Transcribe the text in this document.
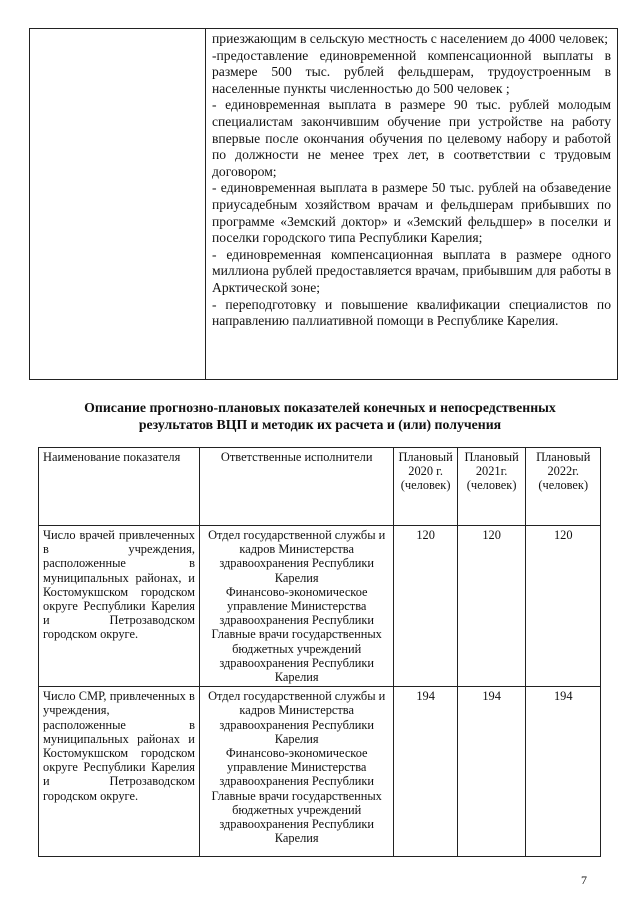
приезжающим в сельскую местность с населением до 4000 человек;

-предоставление единовременной компенсационной выплаты в размере 500 тыс. рублей фельдшерам, трудоустроенным в населенные пункты численностью до 500 человек ;

- единовременная выплата в размере 90 тыс. рублей молодым специалистам закончившим обучение при устройстве на работу впервые после окончания обучения по целевому набору и работой по должности не менее трех лет, в соответствии с трудовым договором;

- единовременная выплата в размере 50 тыс. рублей на обзаведение приусадебным хозяйством врачам и фельдшерам прибывших по программе «Земский доктор» и «Земский фельдшер» в поселки и поселки городского типа Республики Карелия;

- единовременная компенсационная выплата в размере одного миллиона рублей предоставляется врачам, прибывшим для работы в Арктической зоне;

- переподготовку и повышение квалификации специалистов по направлению паллиативной помощи в Республике Карелия.

Описание прогнозно-плановых показателей конечных и непосредственных
результатов ВЦП и методик их расчета и (или) получения
Наименование показателя	Ответственные исполнители	Плановый 2020 г. (человек)	Плановый 2021г. (человек)	Плановый 2022г. (человек)
Число врачей привлеченных в учреждения, расположенные в муниципальных районах, и Костомукшском городском округе Республики Карелия и Петрозаводском городском округе.	Отдел государственной службы и кадров Министерства здравоохранения Республики Карелия
Финансово-экономическое управление Министерства здравоохранения Республики
Главные врачи государственных бюджетных учреждений здравоохранения Республики Карелия	120	120	120
Число СМР, привлеченных в учреждения, расположенные в муниципальных районах и Костомукшском городском округе Республики Карелия и Петрозаводском городском округе.	Отдел государственной службы и кадров Министерства здравоохранения Республики Карелия
Финансово-экономическое управление Министерства здравоохранения Республики
Главные врачи государственных бюджетных учреждений здравоохранения Республики Карелия	194	194	194
7
